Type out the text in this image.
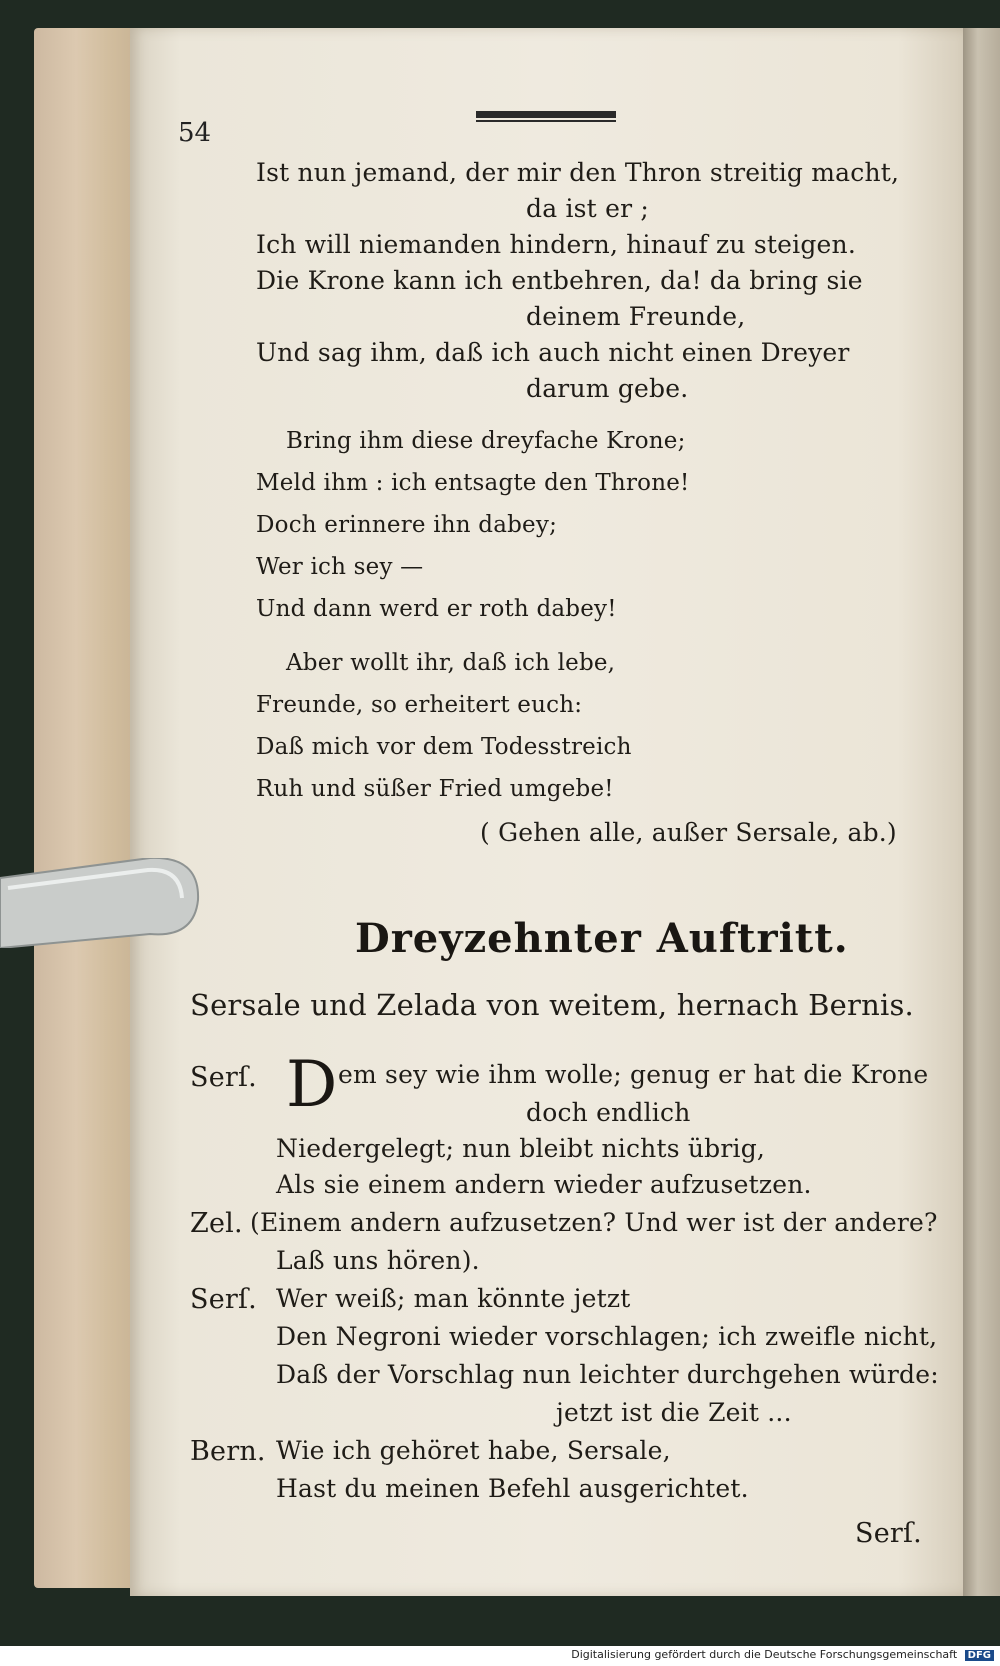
54
Ist nun jemand, der mir den Thron streitig macht,
da ist er ;
Ich will niemanden hindern, hinauf zu steigen.
Die Krone kann ich entbehren, da! da bring sie
deinem Freunde,
Und sag ihm, daß ich auch nicht einen Dreyer
darum gebe.
Bring ihm diese dreyfache Krone;
Meld ihm : ich entsagte den Throne!
Doch erinnere ihn dabey;
Wer ich sey —
Und dann werd er roth dabey!
Aber wollt ihr, daß ich lebe,
Freunde, so erheitert euch:
Daß mich vor dem Todesstreich
Ruh und süßer Fried umgebe!
( Gehen alle, außer Sersale, ab.)
Dreyzehnter Auftritt.
Sersale und Zelada von weitem, hernach Bernis.
D
Serſ.	em sey wie ihm wolle; genug er hat die Krone
doch endlich
Niedergelegt; nun bleibt nichts übrig,
Als sie einem andern wieder aufzusetzen.
Zel. (Einem andern aufzusetzen? Und wer ist der andere?
Laß uns hören).
Serſ. Wer weiß; man könnte jetzt
Den Negroni wieder vorschlagen; ich zweifle nicht,
Daß der Vorschlag nun leichter durchgehen würde:
jetzt ist die Zeit ...
Bern. Wie ich gehöret habe, Sersale,
Hast du meinen Befehl ausgerichtet.
Serſ.
Digitalisierung gefördert durch die Deutsche Forschungsgemeinschaft DFG
